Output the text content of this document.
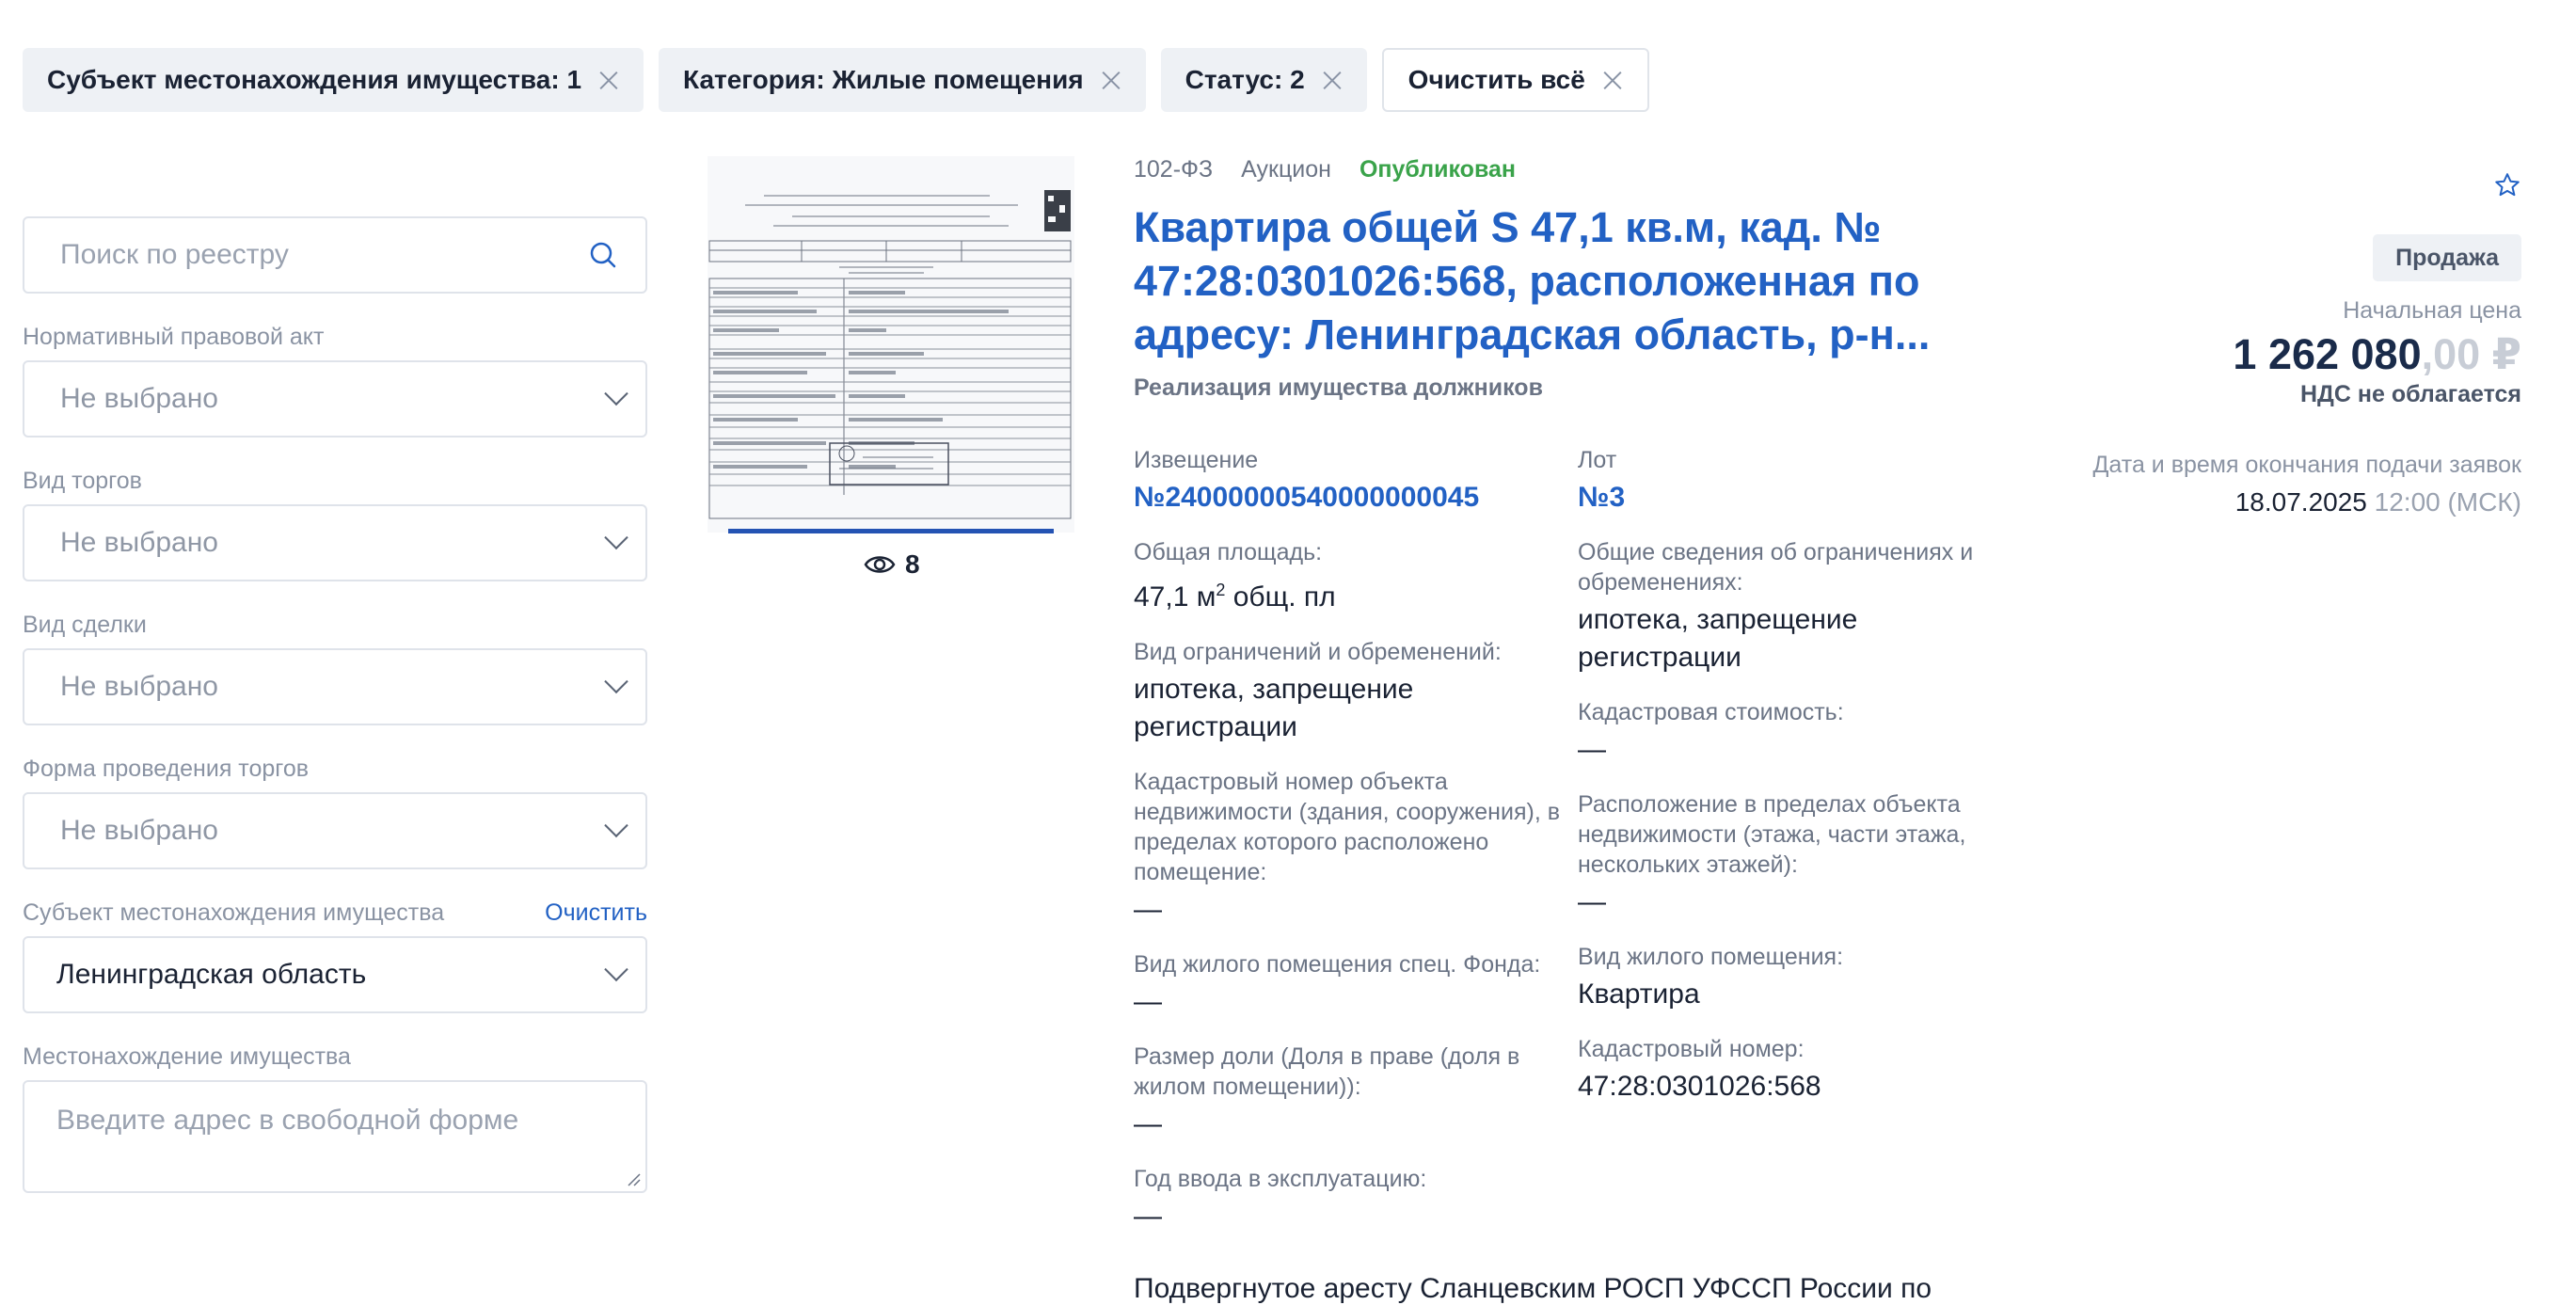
Субъект местонахождения имущества: 1	Категория: Жилые помещения	Статус: 2	Очистить всё
Поиск по реестру
Нормативный правовой акт
Не выбрано
Вид торгов
Не выбрано
Вид сделки
Не выбрано
Форма проведения торгов
Не выбрано
Субъект местонахождения имущества	Очистить
Ленинградская область
Местонахождение имущества
Введите адрес в свободной форме
8
102-ФЗ Аукцион Опубликован
Квартира общей S 47,1 кв.м, кад. № 47:28:0301026:568, расположенная по адресу: Ленинградская область, р-н...
Реализация имущества должников
Извещение
№24000000540000000045
Общая площадь:
47,1 $м^2$ общ. пл
Вид ограничений и обременений:
ипотека, запрещение регистрации
Кадастровый номер объекта недвижимости (здания, сооружения), в пределах которого расположено помещение:
—
Вид жилого помещения спец. Фонда:
—
Размер доли (Доля в праве (доля в жилом помещении)):
—
Год ввода в эксплуатацию:
—
Лот
№3
Общие сведения об ограничениях и обременениях:
ипотека, запрещение регистрации
Кадастровая стоимость:
—
Расположение в пределах объекта недвижимости (этажа, части этажа, нескольких этажей):
—
Вид жилого помещения:
Квартира
Кадастровый номер:
47:28:0301026:568
Подвергнутое аресту Сланцевским РОСП УФССП России по
Продажа
Начальная цена
1 262 080,00 ₽
НДС не облагается
Дата и время окончания подачи заявок
18.07.2025 12:00 (МСК)
